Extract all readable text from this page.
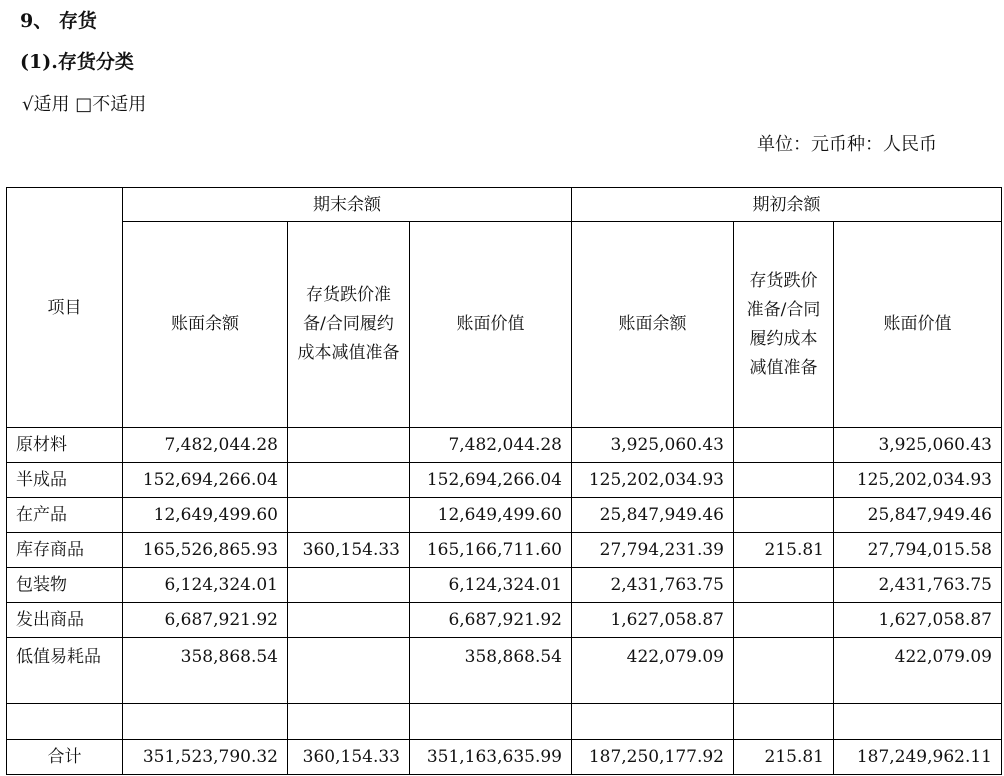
9、 存货
(1).存货分类
√适用 □不适用
单位：元币种：人民币
项目	期末余额			期初余额		
	账面余额	存货跌价准备/合同履约成本减值准备	账面价值	账面余额	存货跌价准备/合同履约成本减值准备	账面价值
原材料	7,482,044.28		7,482,044.28	3,925,060.43		3,925,060.43
半成品	152,694,266.04		152,694,266.04	125,202,034.93		125,202,034.93
在产品	12,649,499.60		12,649,499.60	25,847,949.46		25,847,949.46
库存商品	165,526,865.93	360,154.33	165,166,711.60	27,794,231.39	215.81	27,794,015.58
包装物	6,124,324.01		6,124,324.01	2,431,763.75		2,431,763.75
发出商品	6,687,921.92		6,687,921.92	1,627,058.87		1,627,058.87
低值易耗品	358,868.54		358,868.54	422,079.09		422,079.09

合计	351,523,790.32	360,154.33	351,163,635.99	187,250,177.92	215.81	187,249,962.11
